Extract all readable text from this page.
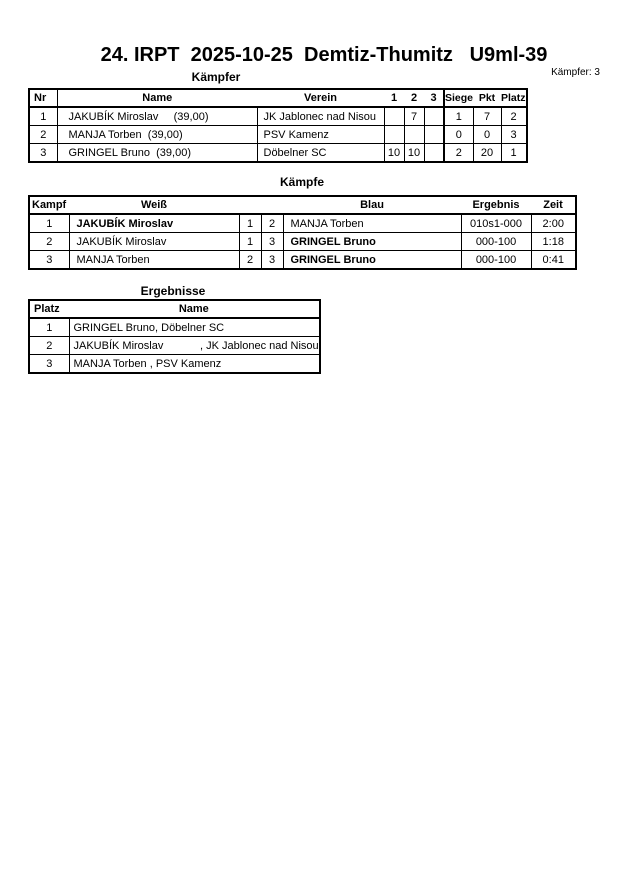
24. IRPT  2025-10-25  Demtiz-Thumitz   U9ml-39
Kämpfer	Kämpfer: 3
Nr	Name	Verein	1	2	3	Siege	Pkt	Platz
1	JAKUBÍK Miroslav     (39,00)	JK Jablonec nad Nisou		7		1	7	2
2	MANJA Torben  (39,00)	PSV Kamenz				0	0	3
3	GRINGEL Bruno  (39,00)	Döbelner SC	10	10		2	20	1
Kämpfe
Kampf	Weiß			Blau	Ergebnis	Zeit
1	JAKUBÍK Miroslav	1	2	MANJA Torben	010s1-000	2:00
2	JAKUBÍK Miroslav	1	3	GRINGEL Bruno	000-100	1:18
3	MANJA Torben	2	3	GRINGEL Bruno	000-100	0:41
Ergebnisse
Platz	Name
1	GRINGEL Bruno, Döbelner SC
2	JAKUBÍK Miroslav            , JK Jablonec nad Nisou
3	MANJA Torben , PSV Kamenz
